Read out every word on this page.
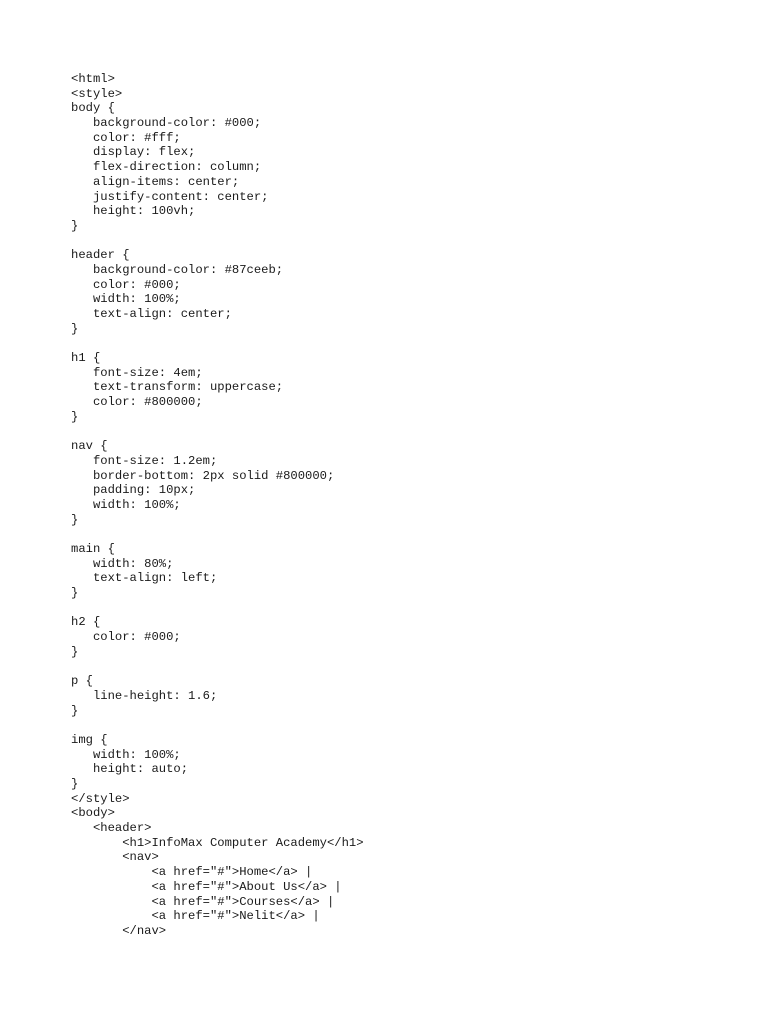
<html>
<style>
body {
background-color: #000;
color: #fff;
display: flex;
flex-direction: column;
align-items: center;
justify-content: center;
height: 100vh;
}
header {
background-color: #87ceeb;
color: #000;
width: 100%;
text-align: center;
}
h1 {
font-size: 4em;
text-transform: uppercase;
color: #800000;
}
nav {
font-size: 1.2em;
border-bottom: 2px solid #800000;
padding: 10px;
width: 100%;
}
main {
width: 80%;
text-align: left;
}
h2 {
color: #000;
}
p {
line-height: 1.6;
}
img {
width: 100%;
height: auto;
}
</style>
<body>
<header>
<h1>InfoMax Computer Academy</h1>
<nav>
<a href="#">Home</a> |
<a href="#">About Us</a> |
<a href="#">Courses</a> |
<a href="#">Nelit</a> |
</nav>
